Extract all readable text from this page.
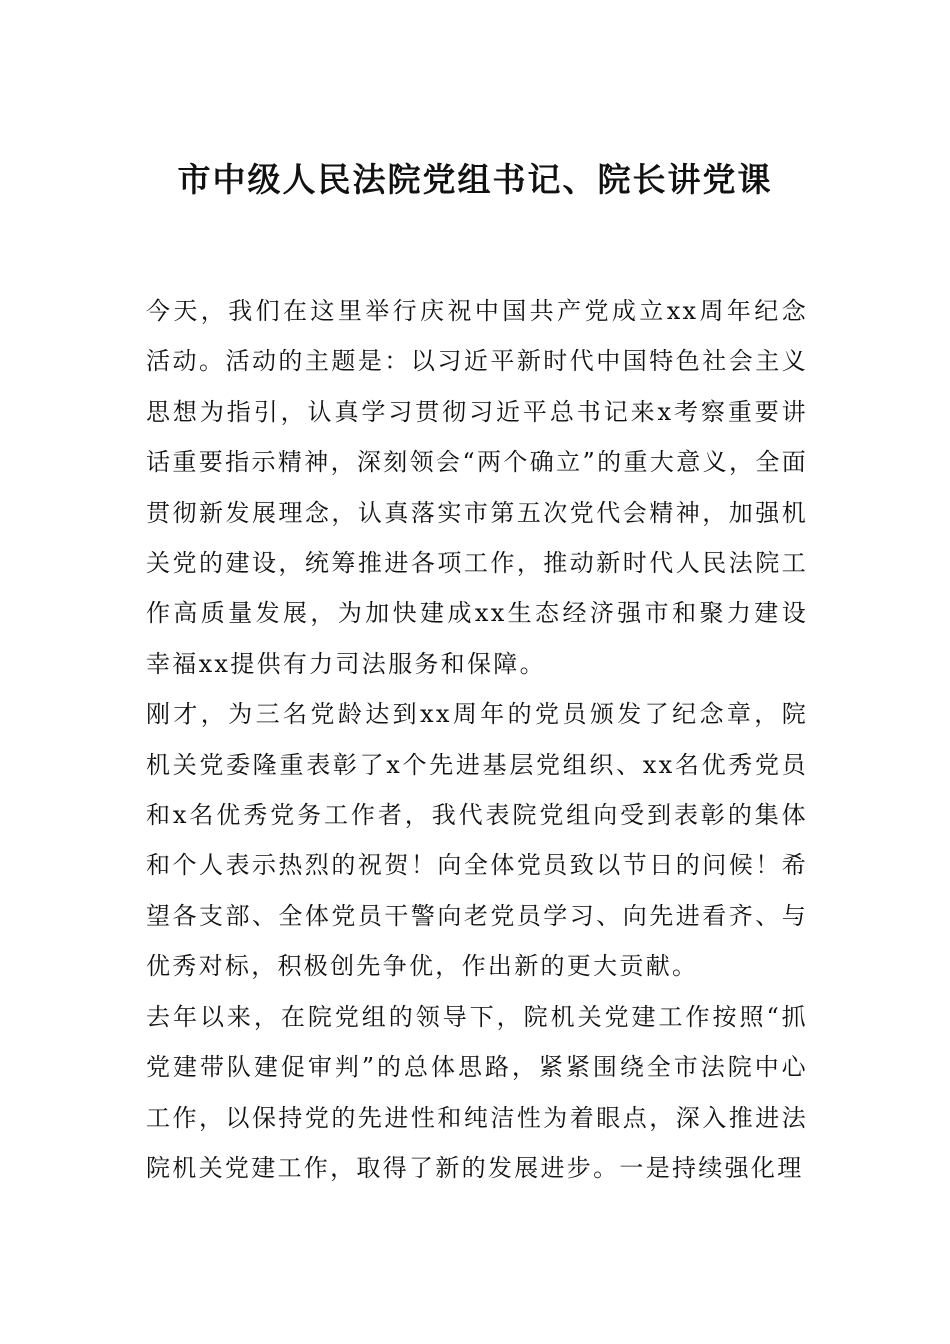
市中级人民法院党组书记、院长讲党课

今天，我们在这里举行庆祝中国共产党成立xx周年纪念活动。活动的主题是：以习近平新时代中国特色社会主义思想为指引，认真学习贯彻习近平总书记来x考察重要讲话重要指示精神，深刻领会“两个确立”的重大意义，全面贯彻新发展理念，认真落实市第五次党代会精神，加强机关党的建设，统筹推进各项工作，推动新时代人民法院工作高质量发展，为加快建成xx生态经济强市和聚力建设幸福xx提供有力司法服务和保障。

刚才，为三名党龄达到xx周年的党员颁发了纪念章，院机关党委隆重表彰了x个先进基层党组织、xx名优秀党员和x名优秀党务工作者，我代表院党组向受到表彰的集体和个人表示热烈的祝贺！向全体党员致以节日的问候！希望各支部、全体党员干警向老党员学习、向先进看齐、与优秀对标，积极创先争优，作出新的更大贡献。

去年以来，在院党组的领导下，院机关党建工作按照“抓党建带队建促审判”的总体思路，紧紧围绕全市法院中心工作，以保持党的先进性和纯洁性为着眼点，深入推进法院机关党建工作，取得了新的发展进步。一是持续强化理
